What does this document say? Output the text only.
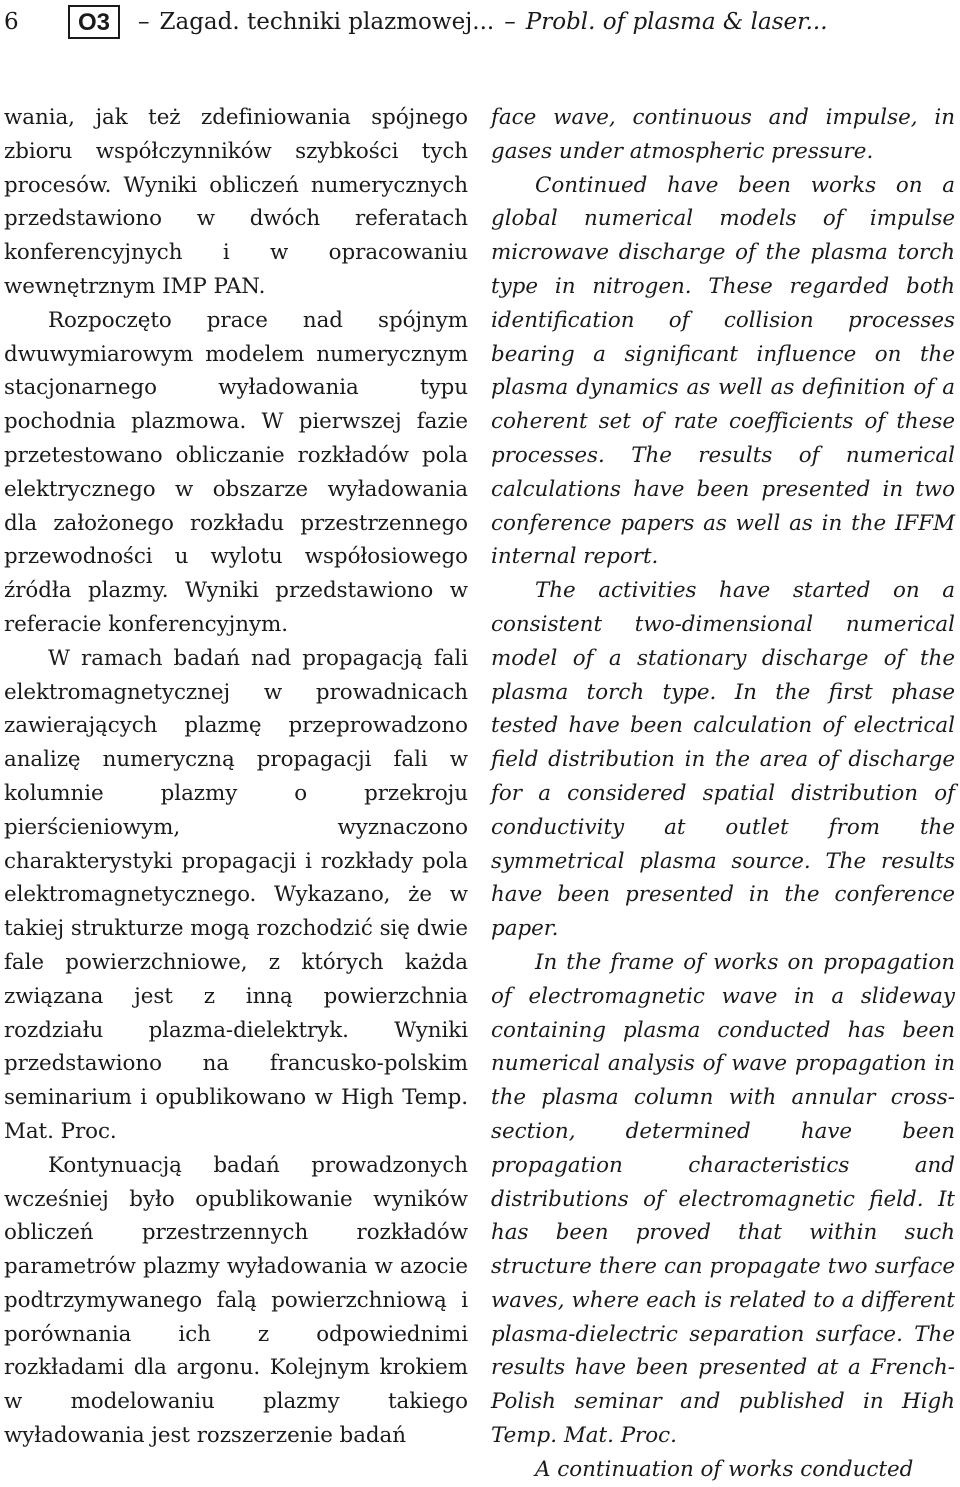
6	O3	– Zagad. techniki plazmowej... – Probl. of plasma & laser...

wania, jak też zdefiniowania spójnego zbioru współczynników szybkości tych procesów. Wyniki obliczeń numerycznych przedstawiono w dwóch referatach konferencyjnych i w opracowaniu wewnętrznym IMP PAN.

Rozpoczęto prace nad spójnym dwuwymiarowym modelem numerycznym stacjonarnego wyładowania typu pochodnia plazmowa. W pierwszej fazie przetestowano obliczanie rozkładów pola elektrycznego w obszarze wyładowania dla założonego rozkładu przestrzennego przewodności u wylotu współosiowego źródła plazmy. Wyniki przedstawiono w referacie konferencyjnym.

W ramach badań nad propagacją fali elektromagnetycznej w prowadnicach zawierających plazmę przeprowadzono analizę numeryczną propagacji fali w kolumnie plazmy o przekroju pierścieniowym, wyznaczono charakterystyki propagacji i rozkłady pola elektromagnetycznego. Wykazano, że w takiej strukturze mogą rozchodzić się dwie fale powierzchniowe, z których każda związana jest z inną powierzchnia rozdziału plazma-dielektryk. Wyniki przedstawiono na francusko-polskim seminarium i opublikowano w High Temp. Mat. Proc.

Kontynuacją badań prowadzonych wcześniej było opublikowanie wyników obliczeń przestrzennych rozkładów parametrów plazmy wyładowania w azocie podtrzymywanego falą powierzchniową i porównania ich z odpowiednimi rozkładami dla argonu. Kolejnym krokiem w modelowaniu plazmy takiego wyładowania jest rozszerzenie badań

face wave, continuous and impulse, in gases under atmospheric pressure.

Continued have been works on a global numerical models of impulse microwave discharge of the plasma torch type in nitrogen. These regarded both identification of collision processes bearing a significant influence on the plasma dynamics as well as definition of a coherent set of rate coefficients of these processes. The results of numerical calculations have been presented in two conference papers as well as in the IFFM internal report.

The activities have started on a consistent two-dimensional numerical model of a stationary discharge of the plasma torch type. In the first phase tested have been calculation of electrical field distribution in the area of discharge for a considered spatial distribution of conductivity at outlet from the symmetrical plasma source. The results have been presented in the conference paper.

In the frame of works on propagation of electromagnetic wave in a slideway containing plasma conducted has been numerical analysis of wave propagation in the plasma column with annular cross-section, determined have been propagation characteristics and distributions of electromagnetic field. It has been proved that within such structure there can propagate two surface waves, where each is related to a different plasma-dielectric separation surface. The results have been presented at a French-Polish seminar and published in High Temp. Mat. Proc.

A continuation of works conducted
